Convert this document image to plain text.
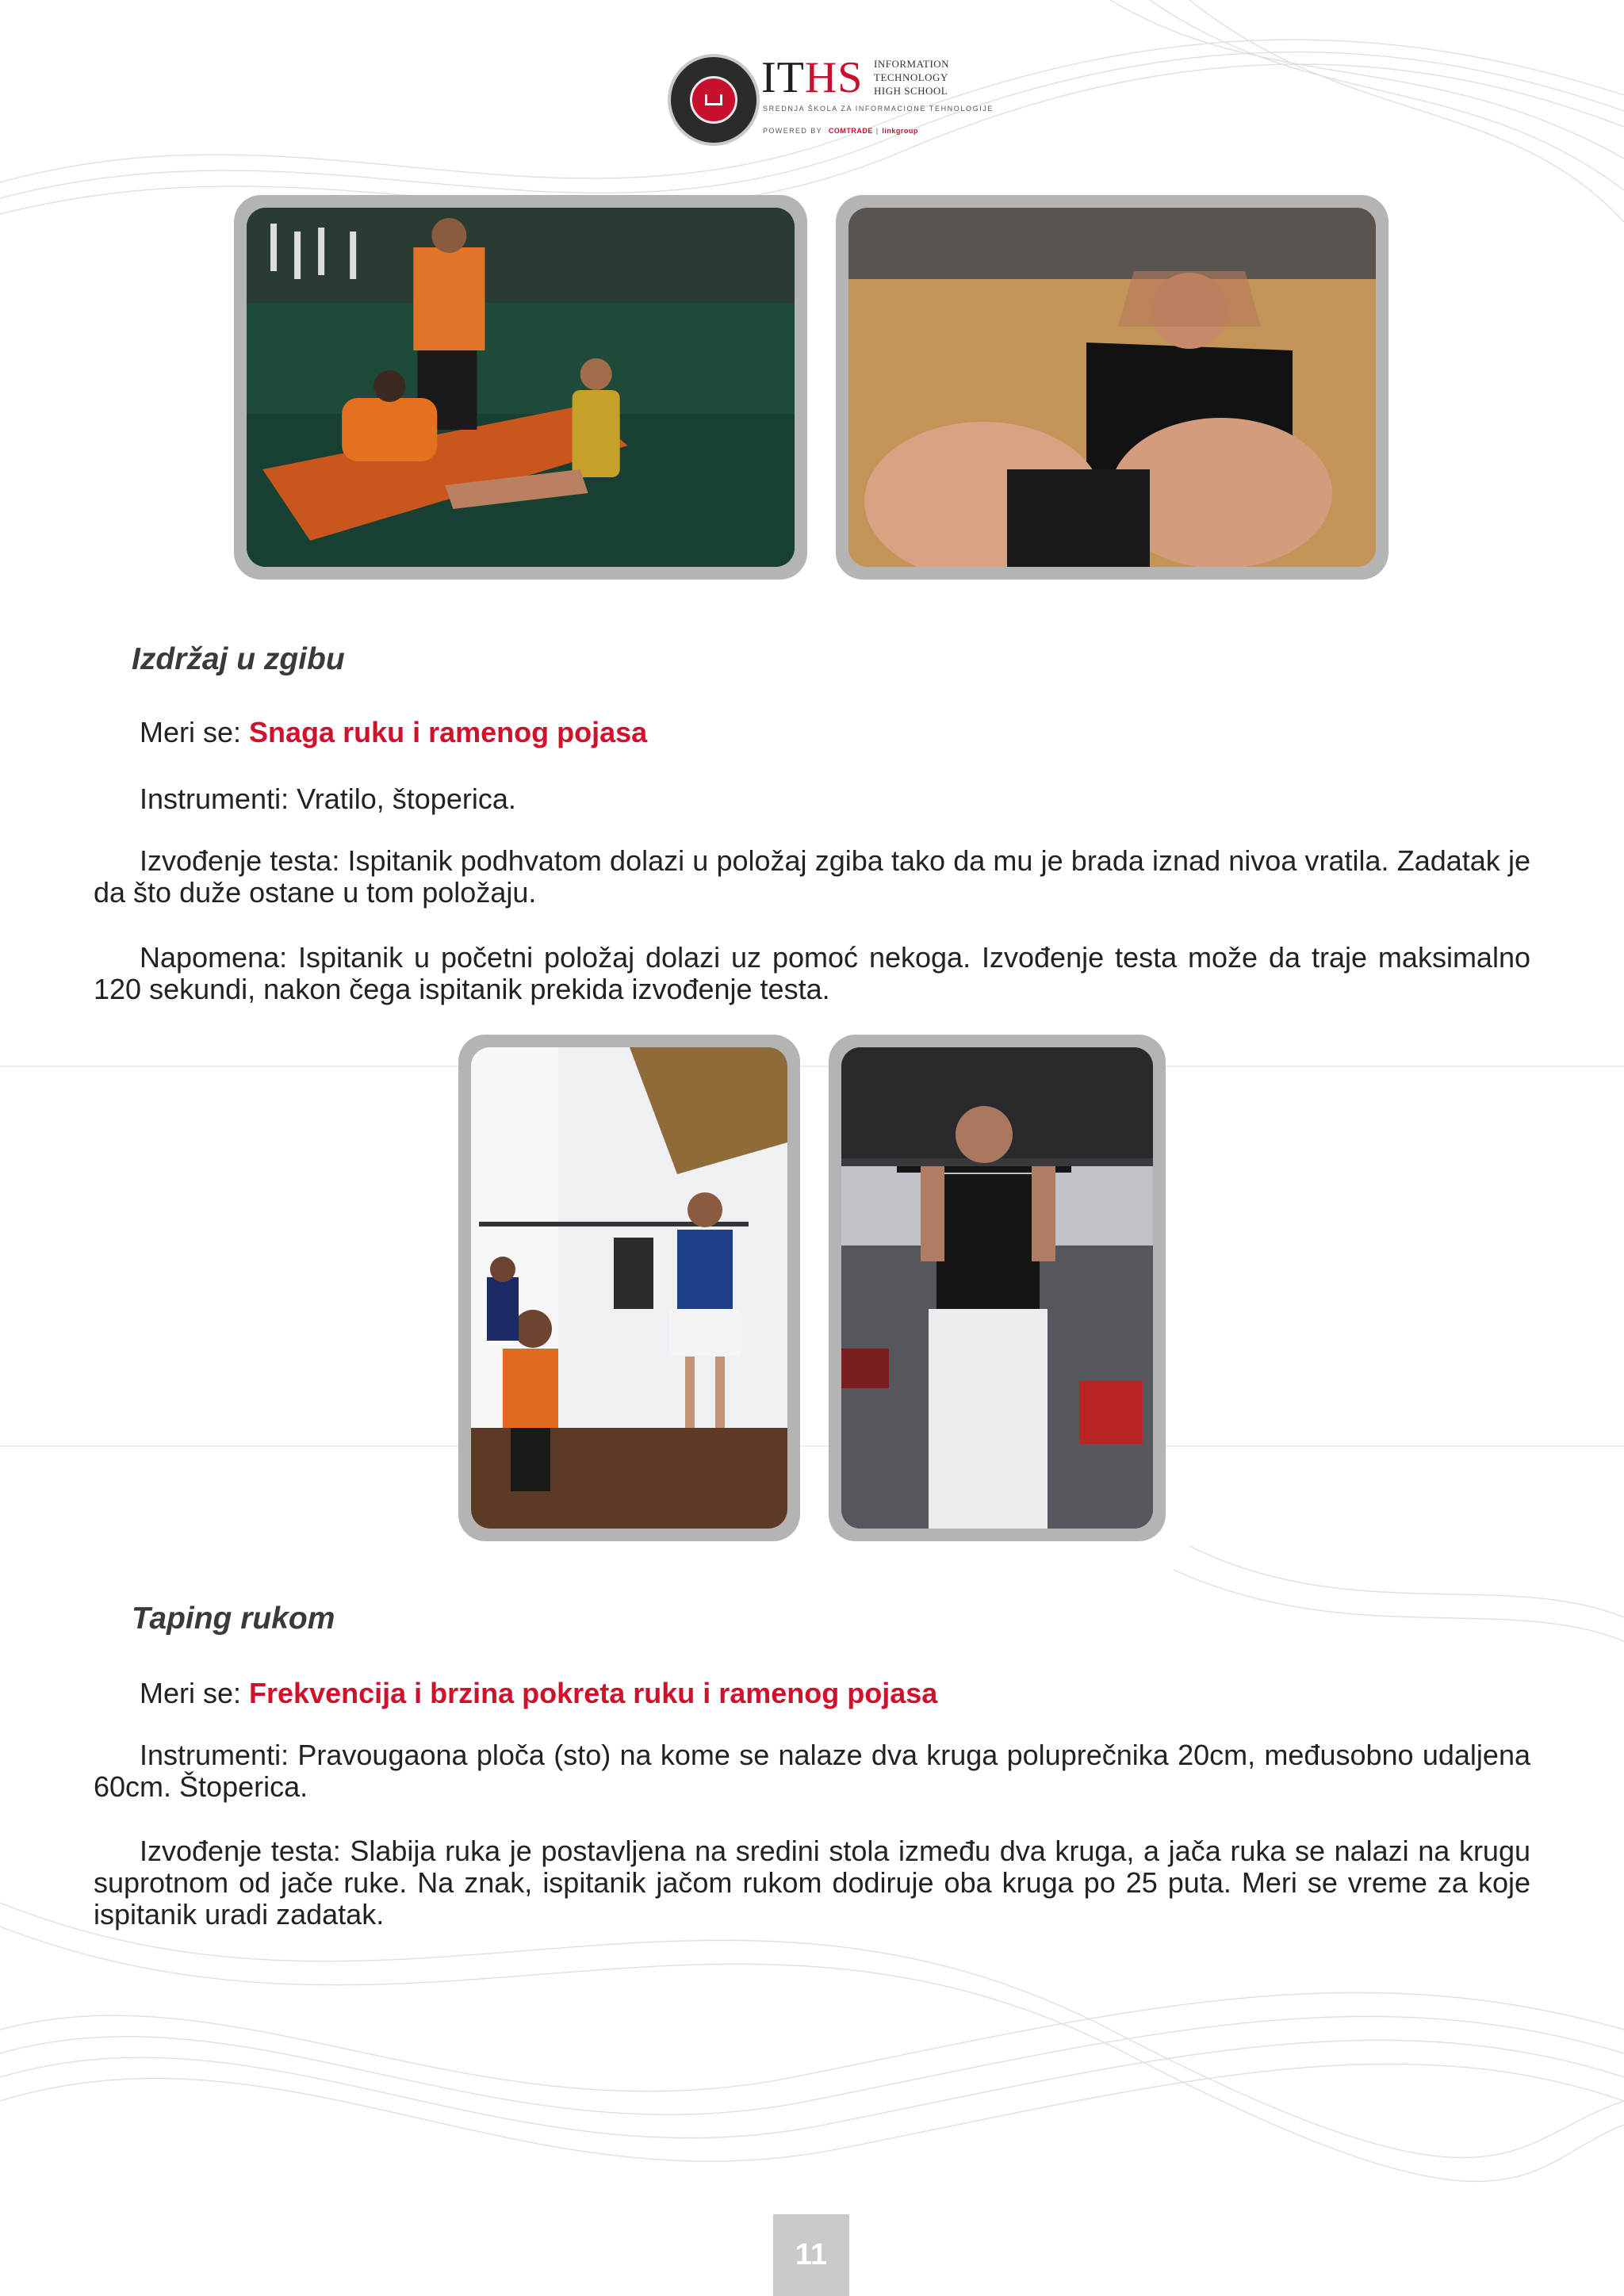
ITHS INFORMATION
TECHNOLOGY
HIGH SCHOOL
SREDNJA ŠKOLA ZA INFORMACIONE TEHNOLOGIJE
POWERED BY COMTRADE | linkgroup
Izdržaj u zgibu

Meri se: Snaga ruku i ramenog pojasa

Instrumenti: Vratilo, štoperica.

Izvođenje testa: Ispitanik podhvatom dolazi u položaj zgiba tako da mu je brada iznad nivoa vratila. Zadatak je da što duže ostane u tom položaju.

Napomena: Ispitanik u početni položaj dolazi uz pomoć nekoga. Izvođenje testa može da traje maksimalno 120 sekundi, nakon čega ispitanik prekida izvođenje testa.

Taping rukom

Meri se: Frekvencija i brzina pokreta ruku i ramenog pojasa

Instrumenti: Pravougaona ploča (sto) na kome se nalaze dva kruga poluprečnika 20cm, međusobno udaljena 60cm. Štoperica.

Izvođenje testa: Slabija ruka je postavljena na sredini stola između dva kruga, a jača ruka se nalazi na krugu suprotnom od jače ruke. Na znak, ispitanik jačom rukom dodiruje oba kruga po 25 puta. Meri se vreme za koje ispitanik uradi zadatak.

11
